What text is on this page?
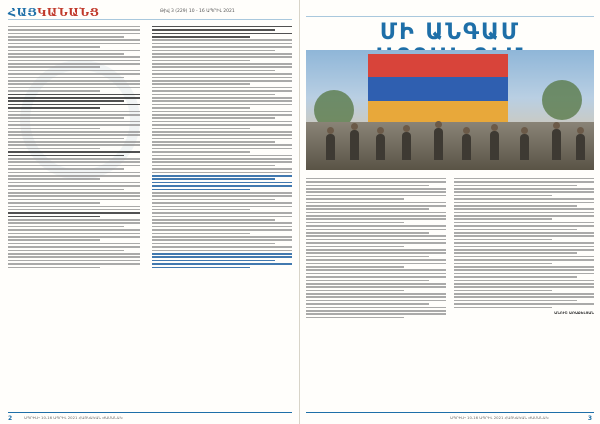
ՀԱՅԿԱՆԱՆՑ	Թիվ 3 (229) 10 - 16 ԱՊՐԻԼ 2021
2	ԱՊՐԻԼԻ 10-16 ԱՊՐԻԼ 2021 ՀԱՅԿԱԿԱՆ ԺԱՄԱՆԱԿ
ՄԻ ԱՆԳԱՄ
ԱՆՈՒՇ ԱՌԱՔԵԼՅԱՆ
ԱՊՐԻԼԻ 10-16 ԱՊՐԻԼ 2021 ՀԱՅԿԱԿԱՆ ԺԱՄԱՆԱԿ	3
